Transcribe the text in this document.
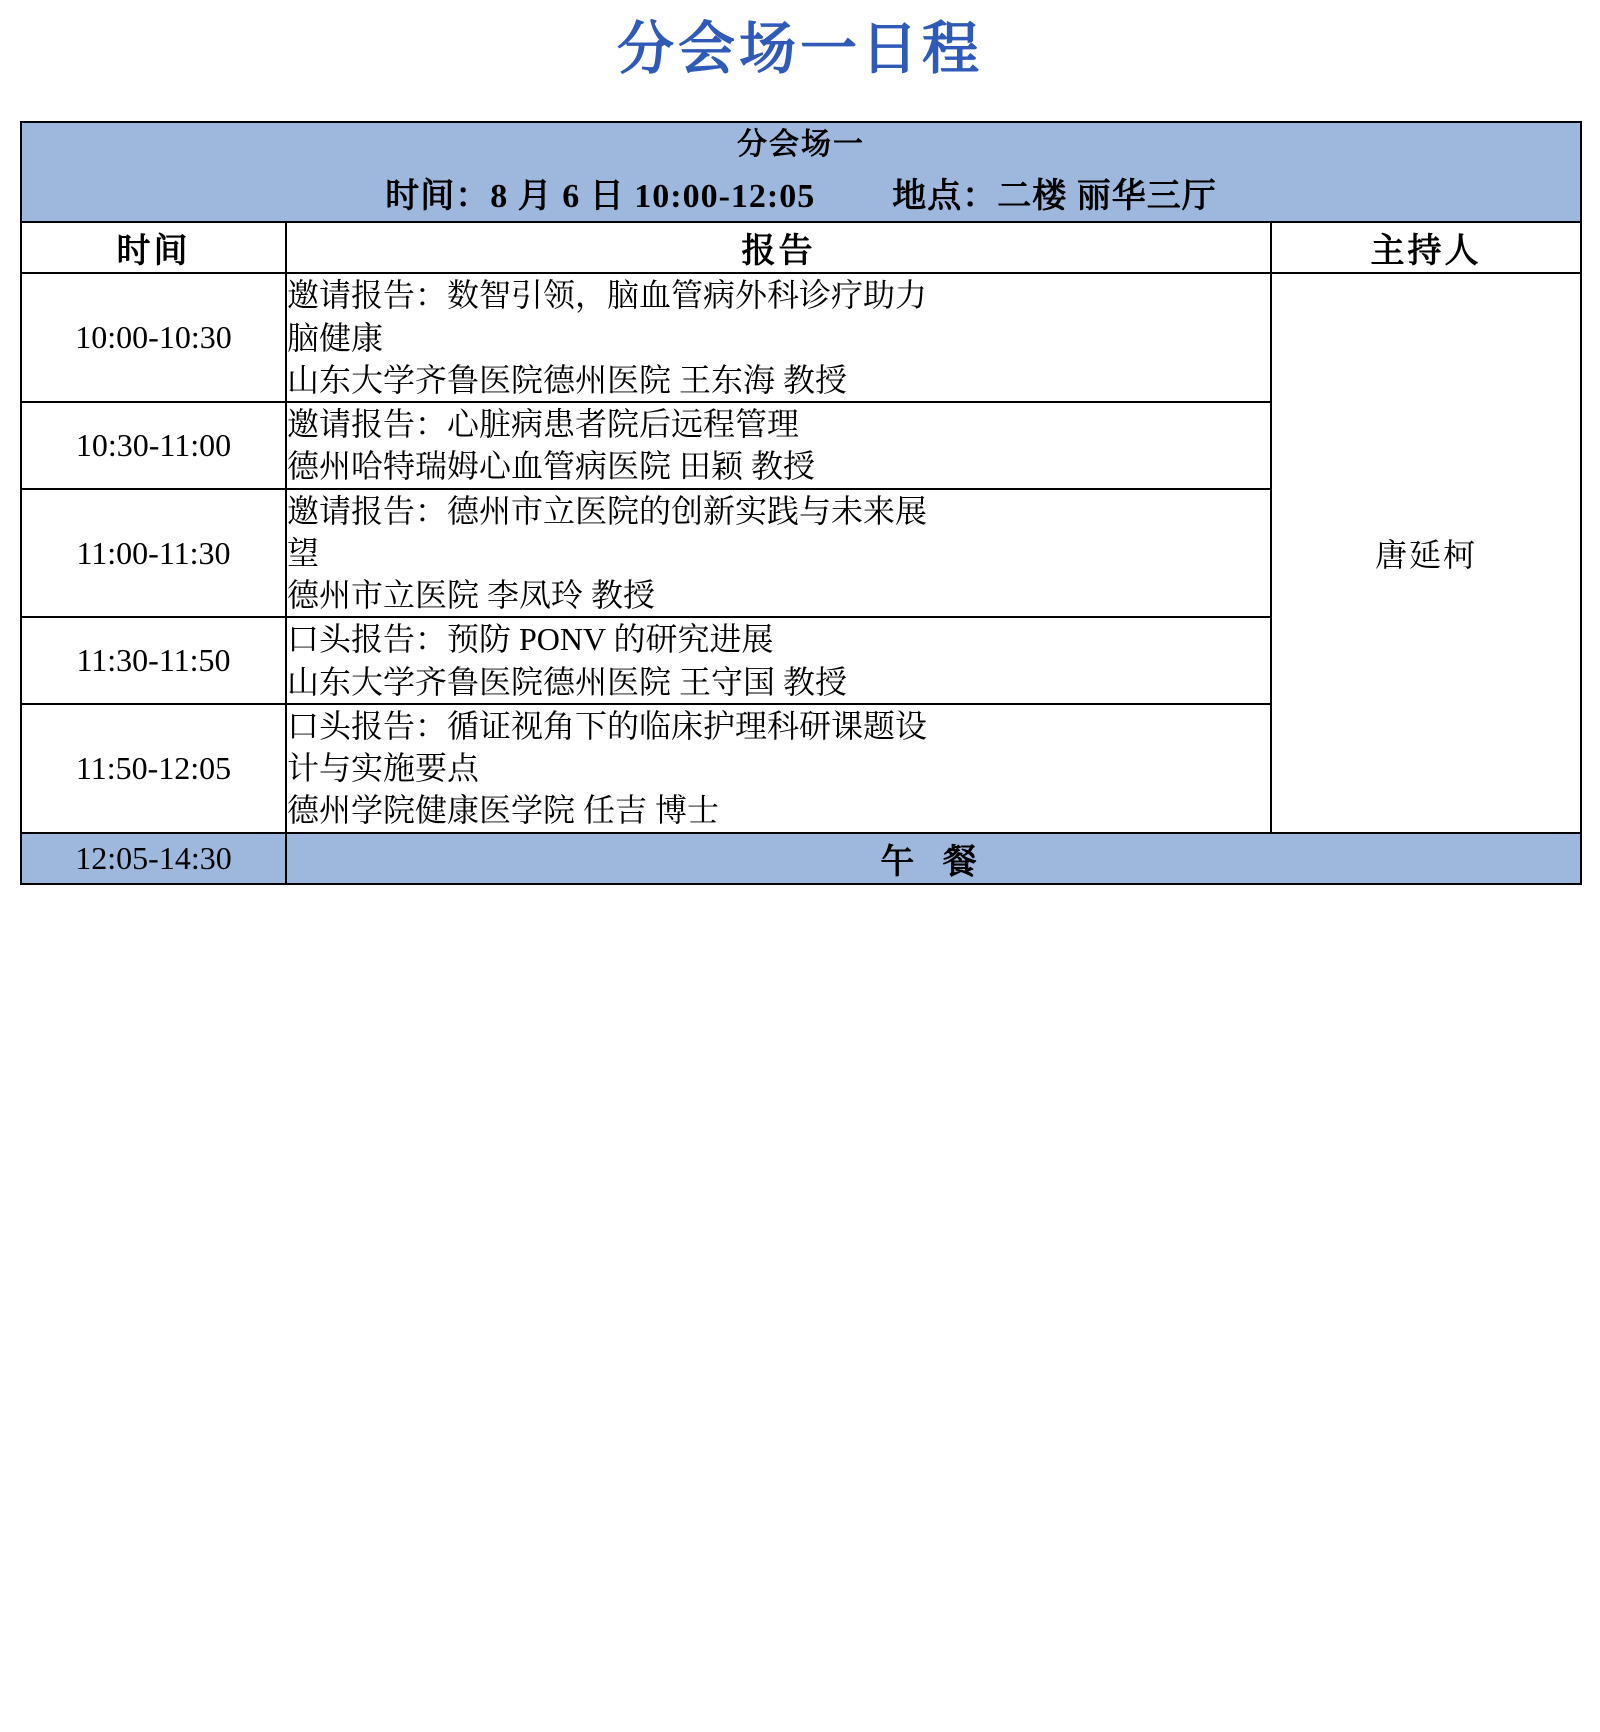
分会场一日程
分会场一
时间：8 月 6 日 10:00-12:05 地点：二楼 丽华三厅		

时间	报告	主持人
10:00-10:30	邀请报告：数智引领，脑血管病外科诊疗助力
脑健康
山东大学齐鲁医院德州医院 王东海 教授	唐延柯
10:30-11:00	邀请报告：心脏病患者院后远程管理
德州哈特瑞姆心血管病医院 田颖 教授	

11:00-11:30	邀请报告：德州市立医院的创新实践与未来展
望
德州市立医院 李凤玲 教授	

11:30-11:50	口头报告：预防 PONV 的研究进展
山东大学齐鲁医院德州医院 王守国 教授	

11:50-12:05	口头报告：循证视角下的临床护理科研课题设
计与实施要点
德州学院健康医学院 任吉 博士	

12:05-14:30	午 餐	
